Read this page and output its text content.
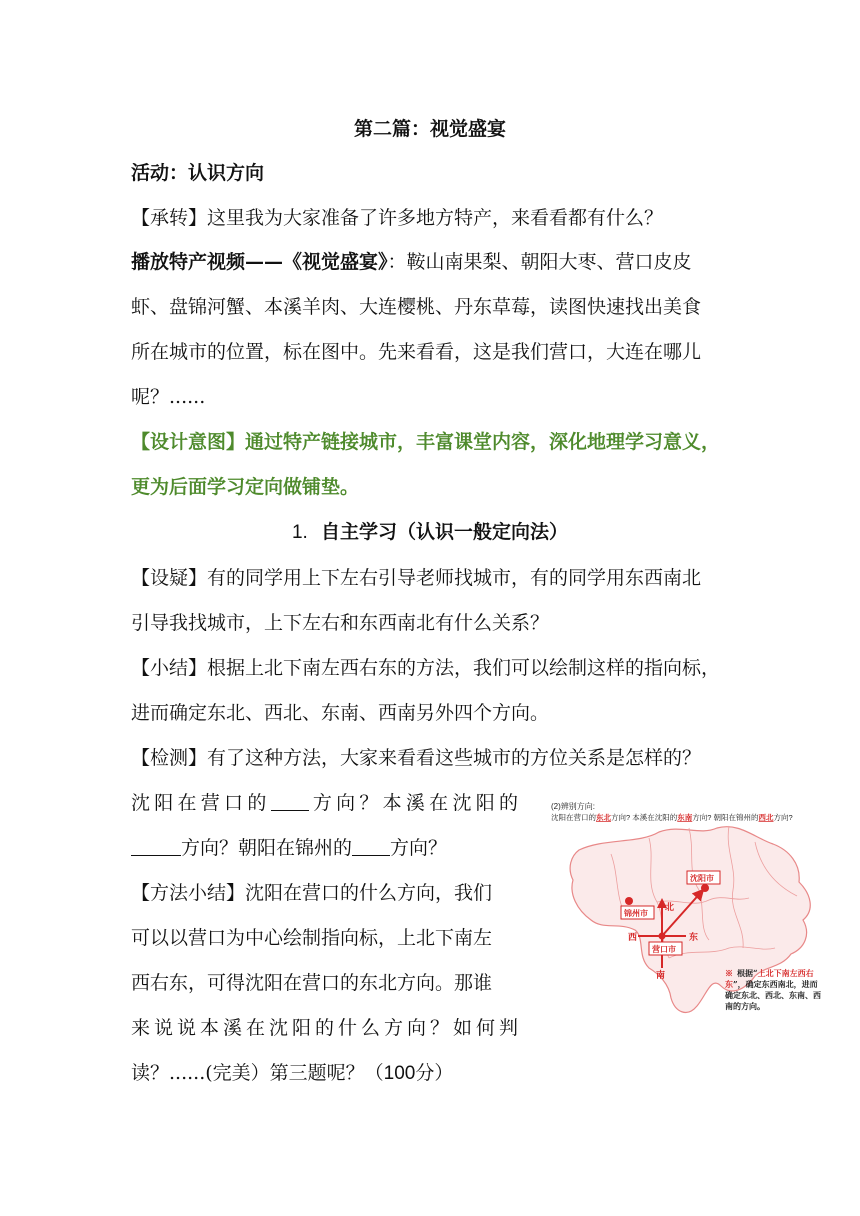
第二篇：视觉盛宴
活动：认识方向
【承转】这里我为大家准备了许多地方特产，来看看都有什么？
播放特产视频——《视觉盛宴》：鞍山南果梨、朝阳大枣、营口皮皮
虾、盘锦河蟹、本溪羊肉、大连樱桃、丹东草莓，读图快速找出美食
所在城市的位置，标在图中。先来看看，这是我们营口，大连在哪儿
呢？......
【设计意图】通过特产链接城市，丰富课堂内容，深化地理学习意义，
更为后面学习定向做铺垫。
1. 自主学习（认识一般定向法）
【设疑】有的同学用上下左右引导老师找城市，有的同学用东西南北
引导我找城市，上下左右和东西南北有什么关系？
【小结】根据上北下南左西右东的方法，我们可以绘制这样的指向标，
进而确定东北、西北、东南、西南另外四个方向。
【检测】有了这种方法，大家来看看这些城市的方位关系是怎样的？
沈阳在营口的 方向？本溪在沈阳的
方向？朝阳在锦州的 方向？
【方法小结】沈阳在营口的什么方向，我们
可以以营口为中心绘制指向标，上北下南左
西右东，可得沈阳在营口的东北方向。那谁
来说说本溪在沈阳的什么方向？如何判
读？......(完美）第三题呢？（100分）
(2)辨别方向:
沈阳在营口的东北方向? 本溪在沈阳的东南方向? 朝阳在锦州的西北方向?
北
南
西	东
沈阳市
锦州市
营口市
※ 根据“上北下南左西右
东”，确定东西南北，进而
确定东北、西北、东南、西
南的方向。
